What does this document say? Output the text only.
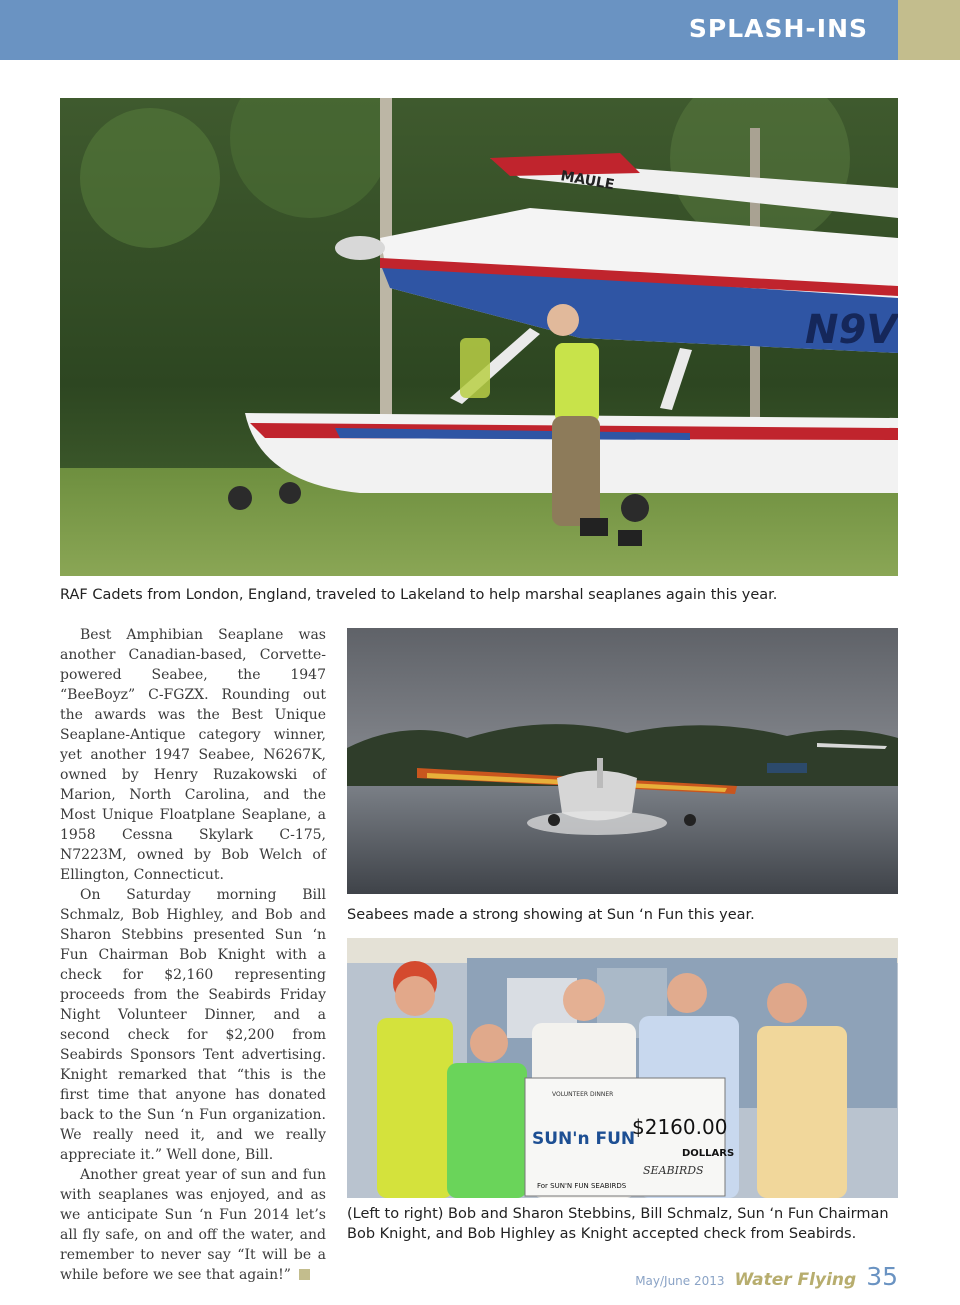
SPLASH-INS
MAULE
N9V
RAF Cadets from London, England, traveled to Lakeland to help marshal seaplanes again this year.

Best Amphibian Seaplane was another Canadian-based, Corvette-powered Seabee, the 1947 “BeeBoyz” C-FGZX. Rounding out the awards was the Best Unique Seaplane-Antique category winner, yet another 1947 Seabee, N6267K, owned by Henry Ruzakowski of Marion, North Carolina, and the Most Unique Floatplane Seaplane, a 1958 Cessna Skylark C-175, N7223M, owned by Bob Welch of Ellington, Connecticut.

On Saturday morning Bill Schmalz, Bob Highley, and Bob and Sharon Stebbins presented Sun ‘n Fun Chairman Bob Knight with a check for $2,160 representing proceeds from the Seabirds Friday Night Volunteer Dinner, and a second check for $2,200 from Seabirds Sponsors Tent advertising. Knight remarked that “this is the first time that anyone has donated back to the Sun ‘n Fun organization. We really need it, and we really appreciate it.” Well done, Bill.

Another great year of sun and fun with seaplanes was enjoyed, and as we anticipate Sun ‘n Fun 2014 let’s all fly safe, on and off the water, and remember to never say “It will be a while before we see that again!”

Seabees made a strong showing at Sun ‘n Fun this year.
VOLUNTEER DINNER
SUN'n FUN
$2160.00
DOLLARS
For SUN'N FUN SEABIRDS
SEABIRDS
(Left to right) Bob and Sharon Stebbins, Bill Schmalz, Sun ‘n Fun Chairman Bob Knight, and Bob Highley as Knight accepted check from Seabirds.
May/June 2013 Water Flying 35
